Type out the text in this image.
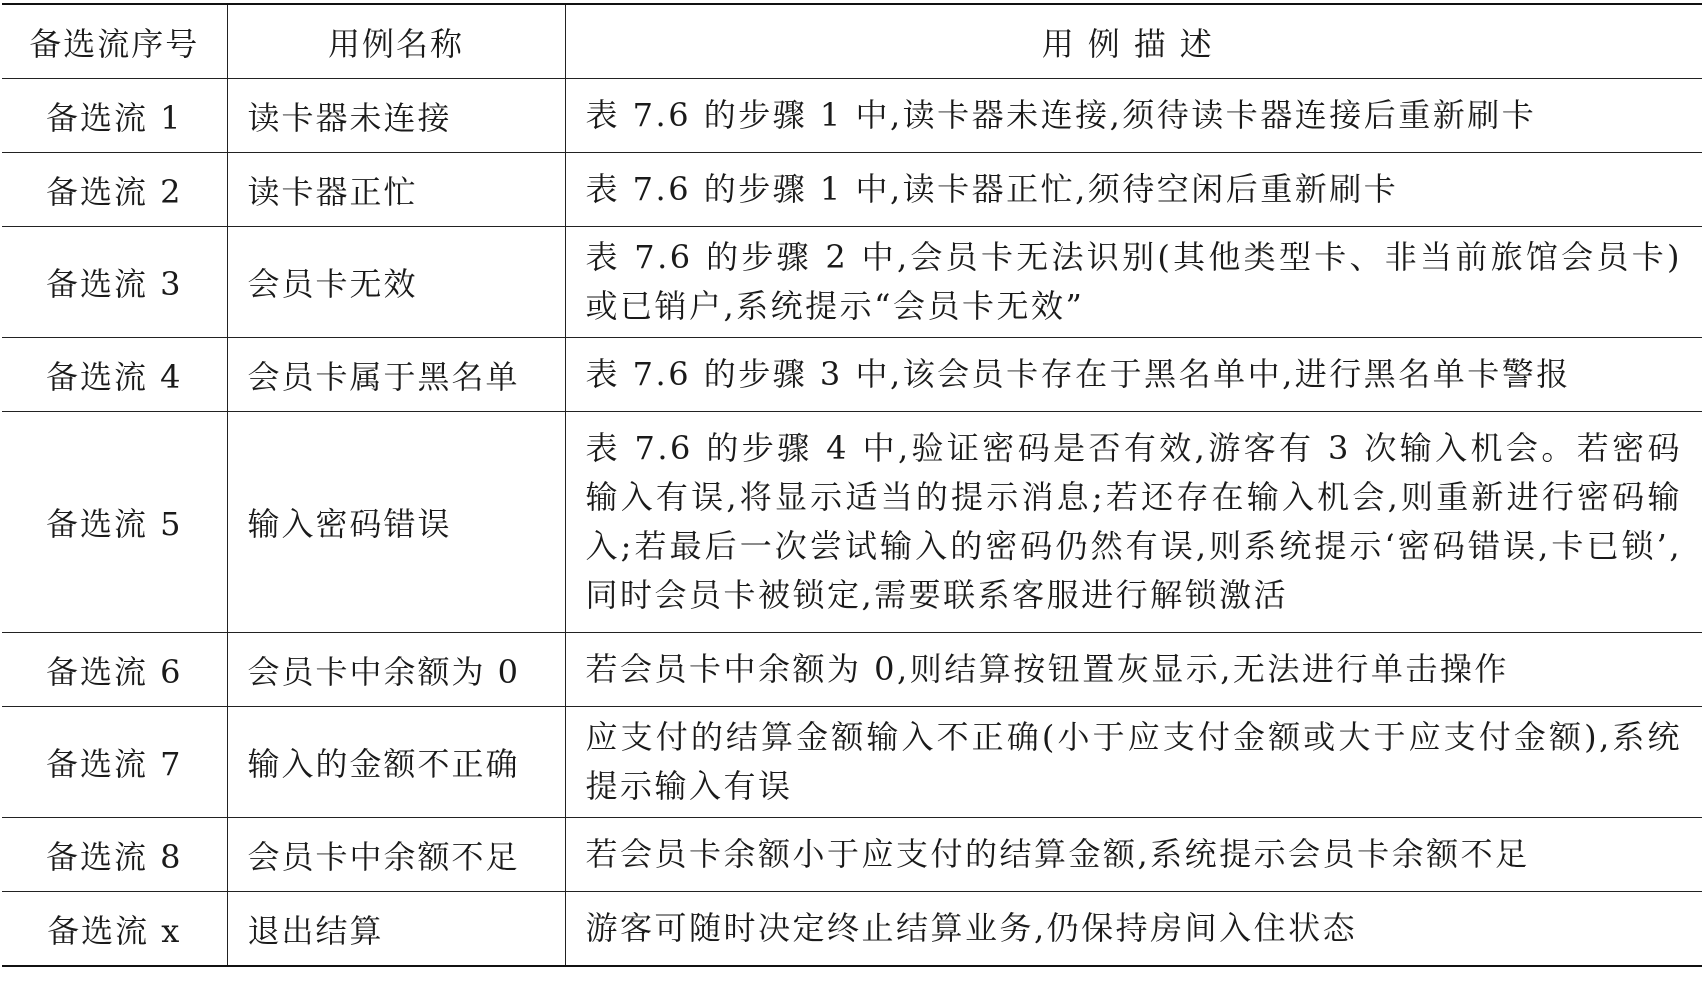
备选流序号	用例名称	用例描述
备选流 1	读卡器未连接	表 7.6 的步骤 1 中,读卡器未连接,须待读卡器连接后重新刷卡
备选流 2	读卡器正忙	表 7.6 的步骤 1 中,读卡器正忙,须待空闲后重新刷卡
备选流 3	会员卡无效	表 7.6 的步骤 2 中,会员卡无法识别(其他类型卡、非当前旅馆会员卡)或已销户,系统提示“会员卡无效”
备选流 4	会员卡属于黑名单	表 7.6 的步骤 3 中,该会员卡存在于黑名单中,进行黑名单卡警报
备选流 5	输入密码错误	表 7.6 的步骤 4 中,验证密码是否有效,游客有 3 次输入机会。若密码输入有误,将显示适当的提示消息;若还存在输入机会,则重新进行密码输入;若最后一次尝试输入的密码仍然有误,则系统提示‘密码错误,卡已锁’,同时会员卡被锁定,需要联系客服进行解锁激活
备选流 6	会员卡中余额为 0	若会员卡中余额为 0,则结算按钮置灰显示,无法进行单击操作
备选流 7	输入的金额不正确	应支付的结算金额输入不正确(小于应支付金额或大于应支付金额),系统提示输入有误
备选流 8	会员卡中余额不足	若会员卡余额小于应支付的结算金额,系统提示会员卡余额不足
备选流 x	退出结算	游客可随时决定终止结算业务,仍保持房间入住状态
